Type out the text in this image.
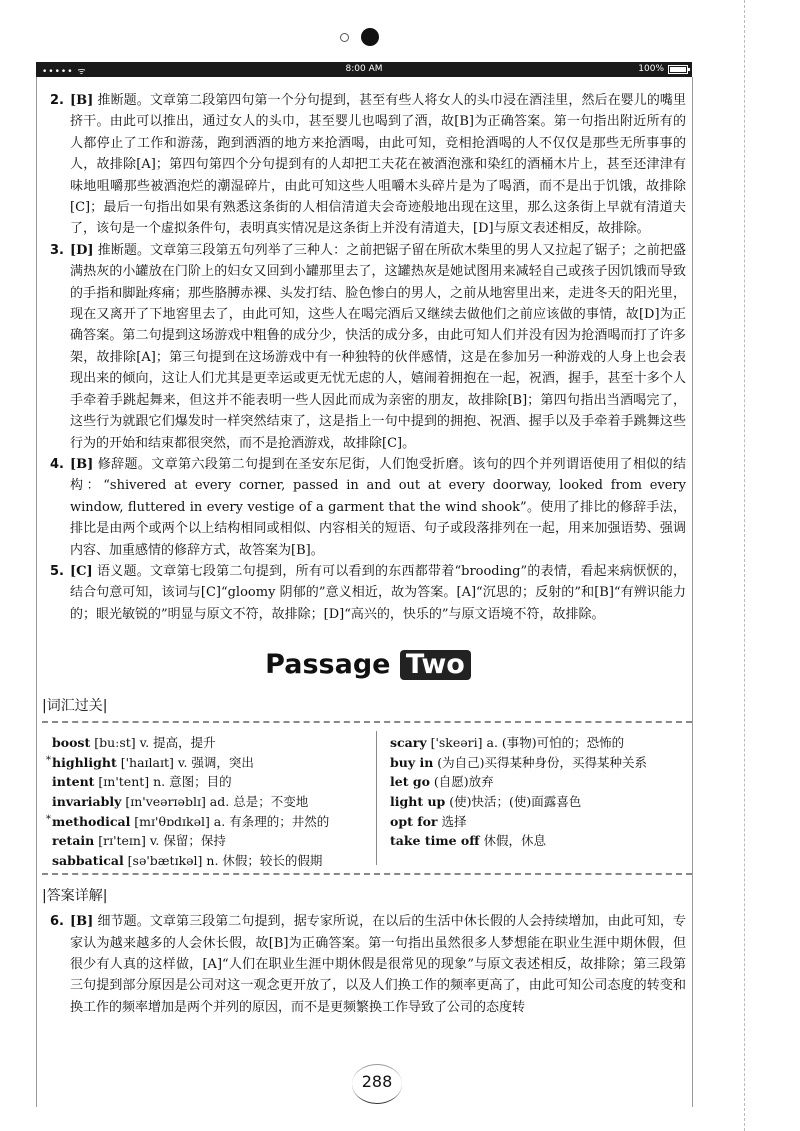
••••• ᯤ	8:00 AM	100%
2. [B] 推断题。文章第二段第四句第一个分句提到，甚至有些人将女人的头巾浸在酒洼里，然后在婴儿的嘴里挤干。由此可以推出，通过女人的头巾，甚至婴儿也喝到了酒，故[B]为正确答案。第一句指出附近所有的人都停止了工作和游荡，跑到洒酒的地方来抢酒喝，由此可知，竞相抢酒喝的人不仅仅是那些无所事事的人，故排除[A]；第四句第四个分句提到有的人却把工夫花在被酒泡涨和染红的酒桶木片上，甚至还津津有味地咀嚼那些被酒泡烂的潮湿碎片，由此可知这些人咀嚼木头碎片是为了喝酒，而不是出于饥饿，故排除[C]；最后一句指出如果有熟悉这条街的人相信清道夫会奇迹般地出现在这里，那么这条街上早就有清道夫了，该句是一个虚拟条件句，表明真实情况是这条街上并没有清道夫，[D]与原文表述相反，故排除。
3. [D] 推断题。文章第三段第五句列举了三种人：之前把锯子留在所砍木柴里的男人又拉起了锯子；之前把盛满热灰的小罐放在门阶上的妇女又回到小罐那里去了，这罐热灰是她试图用来减轻自己或孩子因饥饿而导致的手指和脚趾疼痛；那些胳膊赤裸、头发打结、脸色惨白的男人，之前从地窖里出来，走进冬天的阳光里，现在又离开了下地窖里去了，由此可知，这些人在喝完酒后又继续去做他们之前应该做的事情，故[D]为正确答案。第二句提到这场游戏中粗鲁的成分少，快活的成分多，由此可知人们并没有因为抢酒喝而打了许多架，故排除[A]；第三句提到在这场游戏中有一种独特的伙伴感情，这是在参加另一种游戏的人身上也会表现出来的倾向，这让人们尤其是更幸运或更无忧无虑的人，嬉闹着拥抱在一起，祝酒，握手，甚至十多个人手牵着手跳起舞来，但这并不能表明一些人因此而成为亲密的朋友，故排除[B]；第四句指出当酒喝完了，这些行为就跟它们爆发时一样突然结束了，这是指上一句中提到的拥抱、祝酒、握手以及手牵着手跳舞这些行为的开始和结束都很突然，而不是抢酒游戏，故排除[C]。
4. [B] 修辞题。文章第六段第二句提到在圣安东尼街，人们饱受折磨。该句的四个并列谓语使用了相似的结构：“shivered at every corner, passed in and out at every doorway, looked from every window, fluttered in every vestige of a garment that the wind shook”。使用了排比的修辞手法，排比是由两个或两个以上结构相同或相似、内容相关的短语、句子或段落排列在一起，用来加强语势、强调内容、加重感情的修辞方式，故答案为[B]。
5. [C] 语义题。文章第七段第二句提到，所有可以看到的东西都带着“brooding”的表情，看起来病恹恹的，结合句意可知，该词与[C]“gloomy 阴郁的”意义相近，故为答案。[A]“沉思的；反射的”和[B]“有辨识能力的；眼光敏锐的”明显与原文不符，故排除；[D]“高兴的，快乐的”与原文语境不符，故排除。
Passage Two
|词汇过关|
boost [buːst] v. 提高，提升
* highlight ['haɪlaɪt] v. 强调，突出
intent [ɪn'tent] n. 意图；目的
invariably [ɪn'veərɪəblɪ] ad. 总是；不变地
* methodical [mɪ'θɒdɪkəl] a. 有条理的；井然的
retain [rɪ'teɪn] v. 保留；保持
sabbatical [sə'bætɪkəl] n. 休假；较长的假期
scary ['skeəri] a. (事物)可怕的；恐怖的
buy in (为自己)买得某种身份，买得某种关系
let go (自愿)放弃
light up (使)快活；(使)面露喜色
opt for 选择
take time off 休假，休息
|答案详解|
6. [B] 细节题。文章第三段第二句提到，据专家所说，在以后的生活中休长假的人会持续增加，由此可知，专家认为越来越多的人会休长假，故[B]为正确答案。第一句指出虽然很多人梦想能在职业生涯中期休假，但很少有人真的这样做，[A]“人们在职业生涯中期休假是很常见的现象”与原文表述相反，故排除；第三段第三句提到部分原因是公司对这一观念更开放了，以及人们换工作的频率更高了，由此可知公司态度的转变和换工作的频率增加是两个并列的原因，而不是更频繁换工作导致了公司的态度转
288
